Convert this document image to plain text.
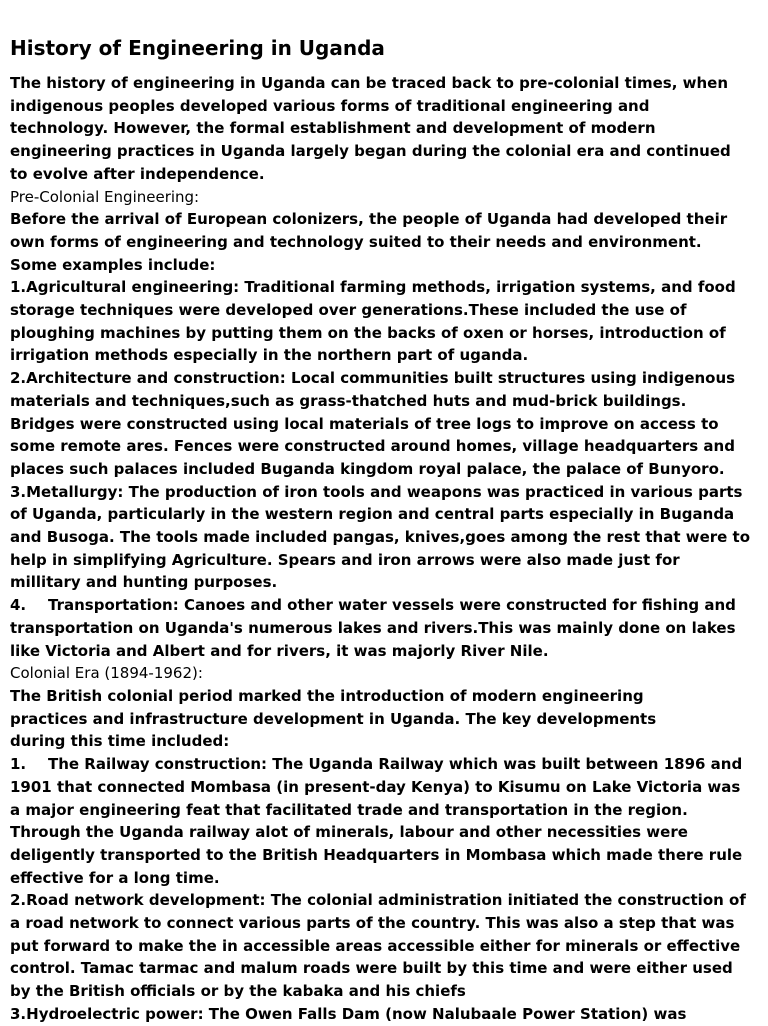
History of Engineering in Uganda
The history of engineering in Uganda can be traced back to pre-colonial times, when
indigenous peoples developed various forms of traditional engineering and
technology. However, the formal establishment and development of modern
engineering practices in Uganda largely began during the colonial era and continued
to evolve after independence.
Pre-Colonial Engineering:
Before the arrival of European colonizers, the people of Uganda had developed their
own forms of engineering and technology suited to their needs and environment.
Some examples include:
1.Agricultural engineering: Traditional farming methods, irrigation systems, and food
storage techniques were developed over generations.These included the use of
ploughing machines by putting them on the backs of oxen or horses, introduction of
irrigation methods especially in the northern part of uganda.
2.Architecture and construction: Local communities built structures using indigenous
materials and techniques,such as grass-thatched huts and mud-brick buildings.
Bridges were constructed using local materials of tree logs to improve on access to
some remote ares. Fences were constructed around homes, village headquarters and
places such palaces included Buganda kingdom royal palace, the palace of Bunyoro.
3.Metallurgy: The production of iron tools and weapons was practiced in various parts
of Uganda, particularly in the western region and central parts especially in Buganda
and Busoga. The tools made included pangas, knives,goes among the rest that were to
help in simplifying Agriculture. Spears and iron arrows were also made just for
millitary and hunting purposes.
4. Transportation: Canoes and other water vessels were constructed for fishing and
transportation on Uganda's numerous lakes and rivers.This was mainly done on lakes
like Victoria and Albert and for rivers, it was majorly River Nile.
Colonial Era (1894-1962):
The British colonial period marked the introduction of modern engineering
practices and infrastructure development in Uganda. The key developments
during this time included:
1. The Railway construction: The Uganda Railway which was built between 1896 and
1901 that connected Mombasa (in present-day Kenya) to Kisumu on Lake Victoria was
a major engineering feat that facilitated trade and transportation in the region.
Through the Uganda railway alot of minerals, labour and other necessities were
deligently transported to the British Headquarters in Mombasa which made there rule
effective for a long time.
2.Road network development: The colonial administration initiated the construction of
a road network to connect various parts of the country. This was also a step that was
put forward to make the in accessible areas accessible either for minerals or effective
control. Tamac tarmac and malum roads were built by this time and were either used
by the British officials or by the kabaka and his chiefs
3.Hydroelectric power: The Owen Falls Dam (now Nalubaale Power Station) was
